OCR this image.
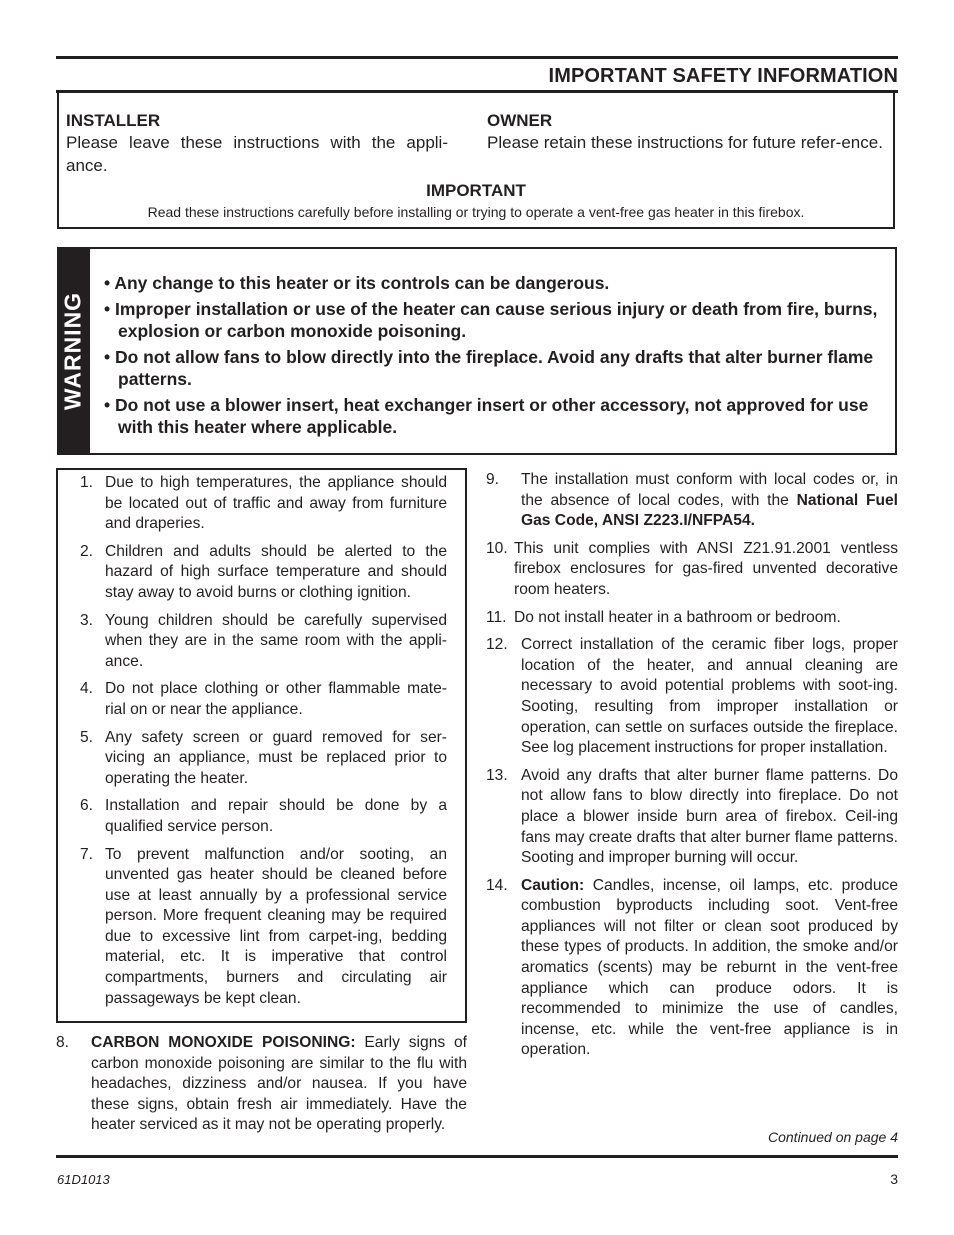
IMPORTANT SAFETY INFORMATION
INSTALLER
Please leave these instructions with the appli-ance.
OWNER
Please retain these instructions for future refer-ence.
IMPORTANT
Read these instructions carefully before installing or trying to operate a vent-free gas heater in this firebox.
WARNING
• Any change to this heater or its controls can be dangerous.
• Improper installation or use of the heater can cause serious injury or death from fire, burns, explosion or carbon monoxide poisoning.
• Do not allow fans to blow directly into the fireplace. Avoid any drafts that alter burner flame patterns.
• Do not use a blower insert, heat exchanger insert or other accessory, not approved for use with this heater where applicable.
1. Due to high temperatures, the appliance should be located out of traffic and away from furniture and draperies.
2. Children and adults should be alerted to the hazard of high surface temperature and should stay away to avoid burns or clothing ignition.
3. Young children should be carefully supervised when they are in the same room with the appli-ance.
4. Do not place clothing or other flammable mate-rial on or near the appliance.
5. Any safety screen or guard removed for ser-vicing an appliance, must be replaced prior to operating the heater.
6. Installation and repair should be done by a qualified service person.
7. To prevent malfunction and/or sooting, an unvented gas heater should be cleaned before use at least annually by a professional service person. More frequent cleaning may be required due to excessive lint from carpet-ing, bedding material, etc. It is imperative that control compartments, burners and circulating air passageways be kept clean.
8.	CARBON MONOXIDE POISONING: Early signs of carbon monoxide poisoning are similar to the flu with headaches, dizziness and/or nausea. If you have these signs, obtain fresh air immediately. Have the heater serviced as it may not be operating properly.
9.	The installation must conform with local codes or, in the absence of local codes, with the National Fuel Gas Code, ANSI Z223.I/NFPA54.
10. This unit complies with ANSI Z21.91.2001 ventless firebox enclosures for gas-fired unvented decorative room heaters.
11. Do not install heater in a bathroom or bedroom.
12. Correct installation of the ceramic fiber logs, proper location of the heater, and annual cleaning are necessary to avoid potential problems with soot-ing. Sooting, resulting from improper installation or operation, can settle on surfaces outside the fireplace. See log placement instructions for proper installation.
13. Avoid any drafts that alter burner flame patterns. Do not allow fans to blow directly into fireplace. Do not place a blower inside burn area of firebox. Ceil-ing fans may create drafts that alter burner flame patterns. Sooting and improper burning will occur.
14. Caution: Candles, incense, oil lamps, etc. produce combustion byproducts including soot. Vent-free appliances will not filter or clean soot produced by these types of products. In addition, the smoke and/or aromatics (scents) may be reburnt in the vent-free appliance which can produce odors. It is recommended to minimize the use of candles, incense, etc. while the vent-free appliance is in operation.
Continued on page 4
61D1013	3
